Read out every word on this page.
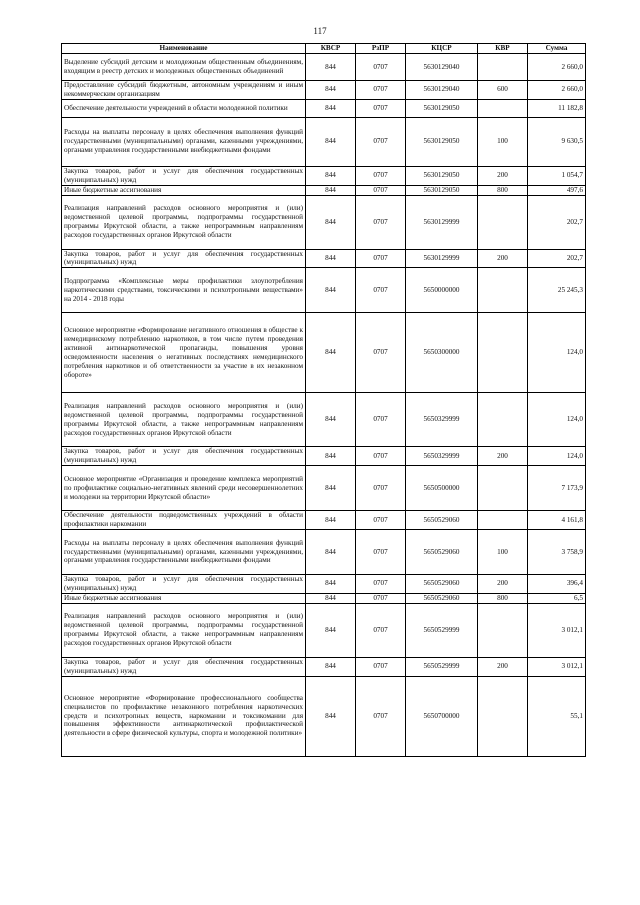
117
Наименование	КВСР	РзПР	КЦСР	КВР	Сумма
Выделение субсидий детским и молодежным общественным объединениям, входящим в реестр детских и молодежных общественных объединений	844	0707	5630129040		2 660,0
Предоставление субсидий бюджетным, автономным учреждениям и иным некоммерческим организациям	844	0707	5630129040	600	2 660,0
Обеспечение деятельности учреждений в области молодежной политики	844	0707	5630129050		11 182,8
Расходы на выплаты персоналу в целях обеспечения выполнения функций государственными (муниципальными) органами, казенными учреждениями, органами управления государственными внебюджетными фондами	844	0707	5630129050	100	9 630,5
Закупка товаров, работ и услуг для обеспечения государственных (муниципальных) нужд	844	0707	5630129050	200	1 054,7
Иные бюджетные ассигнования	844	0707	5630129050	800	497,6
Реализация направлений расходов основного мероприятия и (или) ведомственной целевой программы, подпрограммы государственной программы Иркутской области, а также непрограммным направлениям расходов государственных органов Иркутской области	844	0707	5630129999		202,7
Закупка товаров, работ и услуг для обеспечения государственных (муниципальных) нужд	844	0707	5630129999	200	202,7
Подпрограмма «Комплексные меры профилактики злоупотребления наркотическими средствами, токсическими и психотропными веществами» на 2014 - 2018 годы	844	0707	5650000000		25 245,3
Основное мероприятие «Формирование негативного отношения в обществе к немедицинскому потреблению наркотиков, в том числе путем проведения активной антинаркотической пропаганды, повышения уровня осведомленности населения о негативных последствиях немедицинского потребления наркотиков и об ответственности за участие в их незаконном обороте»	844	0707	5650300000		124,0
Реализация направлений расходов основного мероприятия и (или) ведомственной целевой программы, подпрограммы государственной программы Иркутской области, а также непрограммным направлениям расходов государственных органов Иркутской области	844	0707	5650329999		124,0
Закупка товаров, работ и услуг для обеспечения государственных (муниципальных) нужд	844	0707	5650329999	200	124,0
Основное мероприятие «Организация и проведение комплекса мероприятий по профилактике социально-негативных явлений среди несовершеннолетних и молодежи на территории Иркутской области»	844	0707	5650500000		7 173,9
Обеспечение деятельности подведомственных учреждений в области профилактики наркомании	844	0707	5650529060		4 161,8
Расходы на выплаты персоналу в целях обеспечения выполнения функций государственными (муниципальными) органами, казенными учреждениями, органами управления государственными внебюджетными фондами	844	0707	5650529060	100	3 758,9
Закупка товаров, работ и услуг для обеспечения государственных (муниципальных) нужд	844	0707	5650529060	200	396,4
Иные бюджетные ассигнования	844	0707	5650529060	800	6,5
Реализация направлений расходов основного мероприятия и (или) ведомственной целевой программы, подпрограммы государственной программы Иркутской области, а также непрограммным направлениям расходов государственных органов Иркутской области	844	0707	5650529999		3 012,1
Закупка товаров, работ и услуг для обеспечения государственных (муниципальных) нужд	844	0707	5650529999	200	3 012,1
Основное мероприятие «Формирование профессионального сообщества специалистов по профилактике незаконного потребления наркотических средств и психотропных веществ, наркомании и токсикомании для повышения эффективности антинаркотической профилактической деятельности в сфере физической культуры, спорта и молодежной политики»	844	0707	5650700000		55,1
